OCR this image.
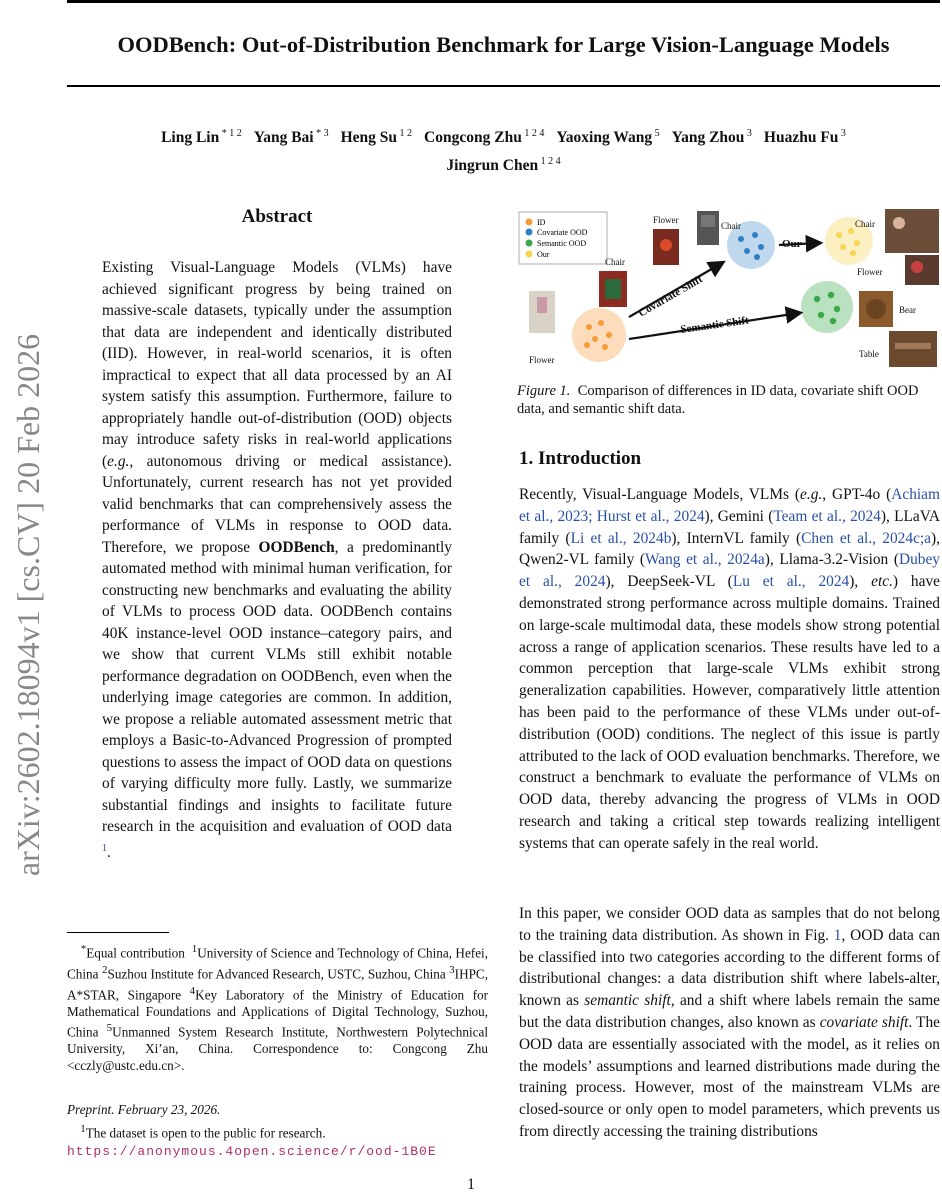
OODBench: Out-of-Distribution Benchmark for Large Vision-Language Models
arXiv:2602.18094v1 [cs.CV] 20 Feb 2026
Ling Lin $^{* 1 2}$ Yang Bai $^{* 3}$ Heng Su $^{1 2}$ Congcong Zhu $^{1 2 4}$ Yaoxing Wang $^5$ Yang Zhou $^3$ Huazhu Fu $^3$
Jingrun Chen $^{1 2 4}$
Abstract

Existing Visual-Language Models (VLMs) have achieved significant progress by being trained on massive-scale datasets, typically under the assumption that data are independent and identically distributed (IID). However, in real-world scenarios, it is often impractical to expect that all data processed by an AI system satisfy this assumption. Furthermore, failure to appropriately handle out-of-distribution (OOD) objects may introduce safety risks in real-world applications (e.g., autonomous driving or medical assistance). Unfortunately, current research has not yet provided valid benchmarks that can comprehensively assess the performance of VLMs in response to OOD data. Therefore, we propose OODBench, a predominantly automated method with minimal human verification, for constructing new benchmarks and evaluating the ability of VLMs to process OOD data. OODBench contains 40K instance-level OOD instance–category pairs, and we show that current VLMs still exhibit notable performance degradation on OODBench, even when the underlying image categories are common. In addition, we propose a reliable automated assessment metric that employs a Basic-to-Advanced Progression of prompted questions to assess the impact of OOD data on questions of varying difficulty more fully. Lastly, we summarize substantial findings and insights to facilitate future research in the acquisition and evaluation of OOD data $^1$.

*Equal contribution $^1$University of Science and Technology of China, Hefei, China $^2$Suzhou Institute for Advanced Research, USTC, Suzhou, China $^3$IHPC, A*STAR, Singapore $^4$Key Laboratory of the Ministry of Education for Mathematical Foundations and Applications of Digital Technology, Suzhou, China $^5$Unmanned System Research Institute, Northwestern Polytechnical University, Xi’an, China. Correspondence to: Congcong Zhu <cczly@ustc.edu.cn>.

Preprint. February 23, 2026.
$^1$The dataset is open to the public for research.  https://anonymous.4open.science/r/ood-1B0E
ID
Covariate OOD
Semantic OOD
Our
Flower
Chair
Our
Chair
Flower
Chair
Covariate Shift
Semantic Shift
Bear
Flower
Table

Figure 1. Comparison of differences in ID data, covariate shift OOD data, and semantic shift data.

1. Introduction

Recently, Visual-Language Models, VLMs (e.g., GPT-4o (Achiam et al., 2023; Hurst et al., 2024), Gemini (Team et al., 2024), LLaVA family (Li et al., 2024b), InternVL family (Chen et al., 2024c;a), Qwen2-VL family (Wang et al., 2024a), Llama-3.2-Vision (Dubey et al., 2024), DeepSeek-VL (Lu et al., 2024), etc.) have demonstrated strong performance across multiple domains. Trained on large-scale multimodal data, these models show strong potential across a range of application scenarios. These results have led to a common perception that large-scale VLMs exhibit strong generalization capabilities. However, comparatively little attention has been paid to the performance of these VLMs under out-of-distribution (OOD) conditions. The neglect of this issue is partly attributed to the lack of OOD evaluation benchmarks. Therefore, we construct a benchmark to evaluate the performance of VLMs on OOD data, thereby advancing the progress of VLMs in OOD research and taking a critical step towards realizing intelligent systems that can operate safely in the real world.

In this paper, we consider OOD data as samples that do not belong to the training data distribution. As shown in Fig. 1, OOD data can be classified into two categories according to the different forms of distributional changes: a data distribution shift where labels-alter, known as semantic shift, and a shift where labels remain the same but the data distribution changes, also known as covariate shift. The OOD data are essentially associated with the model, as it relies on the models’ assumptions and learned distributions made during the training process. However, most of the mainstream VLMs are closed-source or only open to model parameters, which prevents us from directly accessing the training distributions

1
